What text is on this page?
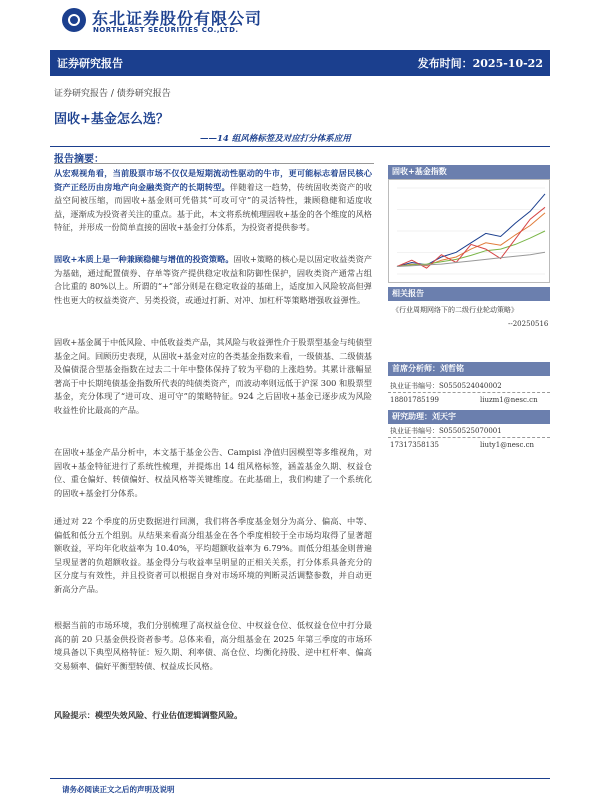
东北证券股份有限公司
NORTHEAST SECURITIES CO.,LTD.
证券研究报告	发布时间：2025-10-22
证券研究报告 / 债券研究报告
固收+基金怎么选？
——14 组风格标签及对应打分体系应用
报告摘要：

从宏观视角看，当前股票市场不仅仅是短期流动性驱动的牛市，更可能标志着居民核心资产正经历由房地产向金融类资产的长期转型。伴随着这一趋势，传统固收类资产的收益空间被压缩，而固收+基金则可凭借其“可攻可守”的灵活特性，兼顾稳健和适度收益，逐渐成为投资者关注的重点。基于此，本文将系统梳理固收+基金的各个维度的风格特征，并形成一份简单直接的固收+基金打分体系，为投资者提供参考。

固收+本质上是一种兼顾稳健与增值的投资策略。固收+策略的核心是以固定收益类资产为基础，通过配置债券、存单等资产提供稳定收益和防御性保护，固收类资产通常占组合比重的 80%以上。所谓的“+”部分则是在稳定收益的基础上，适度加入风险较高但弹性也更大的权益类资产、另类投资，或通过打新、对冲、加杠杆等策略增强收益弹性。

固收+基金属于中低风险、中低收益类产品，其风险与收益弹性介于股票型基金与纯债型基金之间。回顾历史表现，从固收+基金对应的各类基金指数来看，一级债基、二级债基及偏债混合型基金指数在过去二十年中整体保持了较为平稳的上涨趋势。其累计涨幅显著高于中长期纯债基金指数所代表的纯债类资产，而波动率则远低于沪深 300 和股票型基金，充分体现了“进可攻、退可守”的策略特征。924 之后固收+基金已逐步成为风险收益性价比最高的产品。

在固收+基金产品分析中，本文基于基金公告、Campisi 净值归因模型等多维视角，对固收+基金特征进行了系统性梳理，并提炼出 14 组风格标签，涵盖基金久期、权益仓位、重仓偏好、转债偏好、权益风格等关键维度。在此基础上，我们构建了一个系统化的固收+基金打分体系。

通过对 22 个季度的历史数据进行回测，我们将各季度基金划分为高分、偏高、中等、偏低和低分五个组别。从结果来看高分组基金在各个季度相较于全市场均取得了显著超额收益，平均年化收益率为 10.40%，平均超额收益率为 6.79%。而低分组基金则普遍呈现显著的负超额收益。基金得分与收益率呈明显的正相关关系，打分体系具备充分的区分度与有效性，并且投资者可以根据自身对市场环境的判断灵活调整参数，并自动更新高分产品。

根据当前的市场环境，我们分别梳理了高权益仓位、中权益仓位、低权益仓位中打分最高的前 20 只基金供投资者参考。总体来看，高分组基金在 2025 年第三季度的市场环境具备以下典型风格特征：短久期、利率债、高仓位、均衡化持股、逆中杠杆率、偏高交易频率、偏好平衡型转债、权益成长风格。

风险提示：模型失效风险、行业估值逻辑调整风险。

固收+基金指数
相关报告
《行业周期网络下的二级行业轮动策略》
--20250516
首席分析师：刘哲铭
执业证书编号：S0550524040002
18801785199	liuzm1@nesc.cn
研究助理：刘天宇
执业证书编号：S0550525070001
17317358135	liuty1@nesc.cn
请务必阅读正文之后的声明及说明
